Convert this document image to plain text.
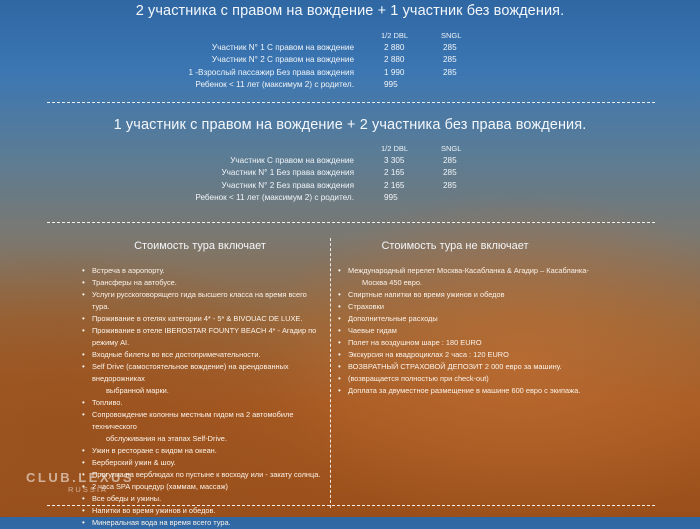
2 участника с правом на вождение + 1 участник без вождения.
1/2 DBL	SNGL
Участник N° 1 С правом на вождение	2 880	285
Участник N° 2 С правом на вождение	2 880	285
1 -Взрослый пассажир Без права вождения	1 990	285
Ребенок < 11 лет (максимум 2) с родител.	995
1 участник с правом на вождение + 2 участника без права вождения.
1/2 DBL	SNGL
Участник С правом на вождение	3 305	285
Участник N° 1 Без права вождения	2 165	285
Участник N° 2 Без права вождения	2 165	285
Ребенок < 11 лет (максимум 2) с родител.	995
Стоимость тура включает	Стоимость тура не включает
• Встреча в аэропорту.
• Трансферы на автобусе.
• Услуги русскоговорящего гида высшего класса на время всего тура.
• Проживание в отелях категории 4* - 5* & BIVOUAC DE LUXE.
• Проживание в отеле IBEROSTAR FOUNTY BEACH 4* - Агадир по режиму AI.
• Входные билеты во все достопримечательности.
• Self Drive (самостоятельное вождение) на арендованных внедорожниках
выбранной марки.
• Топливо.
• Сопровождение колонны местным гидом на 2 автомобиле технического
обслуживания на этапах Self-Drive.
• Ужин в ресторане с видом на океан.
• Берберский ужин & шоу.
• Прогулка на верблюдах по пустыне к восходу или - закату солнца.
• 2 часа SPA процедур (хаммам, массаж)
• Все обеды и ужины.
• Напитки во время ужинов и обедов.
• Минеральная вода на время всего тура.
• Международный перелет Москва-Касабланка & Агадир – Касабланка-
Москва 450 евро.
• Спиртные напитки во время ужинов и обедов
• Страховки
• Дополнительные расходы
• Чаевые гидам
• Полет на воздушном шаре : 180 EURO
• Экскурсия на квадроциклах 2 часа : 120 EURO
• ВОЗВРАТНЫЙ СТРАХОВОЙ ДЕПОЗИТ 2 000 евро за машину.
• (возвращается полностью при check-out)
• Доплата за двуместное размещение в машине 600 евро с экипажа.
CLUB.LEXUS
RUSSIA
